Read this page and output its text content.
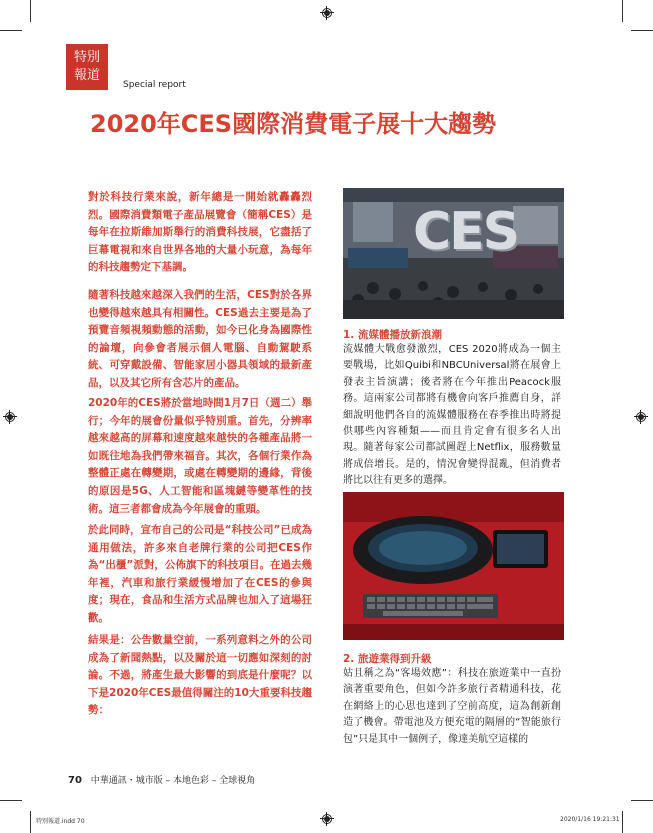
特別
報道
Special report
2020年CES國際消費電子展十大趨勢

對於科技行業來說，新年總是一開始就轟轟烈烈。國際消費類電子產品展覽會（簡稱CES）是每年在拉斯維加斯舉行的消費科技展，它盡括了巨幕電視和來自世界各地的大量小玩意，為每年的科技趨勢定下基調。

隨著科技越來越深入我們的生活，CES對於各界也變得越來越具有相關性。CES過去主要是為了預覽音頻視頻動態的活動，如今已化身為國際性的論壇，向參會者展示個人電腦、自動駕駛系統、可穿戴設備、智能家居小器具領域的最新產品，以及其它所有含芯片的產品。

2020年的CES將於當地時間1月7日（週二）舉行；今年的展會份量似乎特別重。首先，分辨率越來越高的屏幕和速度越來越快的各種產品將一如既往地為我們帶來福音。其次，各個行業作為整體正處在轉變期，或處在轉變期的邊緣，背後的原因是5G、人工智能和區塊鏈等變革性的技術。這三者都會成為今年展會的重頭。

於此同時，宣布自己的公司是“科技公司”已成為通用做法，許多來自老牌行業的公司把CES作為“出櫃”派對，公佈旗下的科技項目。在過去幾年裡，汽車和旅行業緩慢增加了在CES的參與度；現在，食品和生活方式品牌也加入了這場狂歡。

結果是：公告數量空前，一系列意料之外的公司成為了新聞熱點，以及關於這一切應如深刻的討論。不過，將產生最大影響的到底是什麼呢？以下是2020年CES最值得關注的10大重要科技趨勢：

CES
1. 流媒體播放新浪潮

流媒體大戰愈發激烈，CES 2020將成為一個主要戰場，比如Quibi和NBCUniversal將在展會上發表主旨演講；後者將在今年推出Peacock服務。這兩家公司都將有機會向客戶推薦自身，詳細說明他們各自的流媒體服務在春季推出時將提供哪些內容種類——而且肯定會有很多名人出現。隨著每家公司都試圖趕上Netflix，服務數量將成倍增長。是的，情況會變得混亂，但消費者將比以往有更多的選擇。

2. 旅遊業得到升級

姑且稱之為“客場效應”：科技在旅遊業中一直扮演著重要角色，但如今許多旅行者精通科技，花在網絡上的心思也達到了空前高度，這為創新創造了機會。帶電池及方便充電的隔層的“智能旅行包”只是其中一個例子，像達美航空這樣的

70 中華通訊・城市版 – 本地色彩 – 全球視角
特別報道.indd 70	2020/1/16 19:21:31
